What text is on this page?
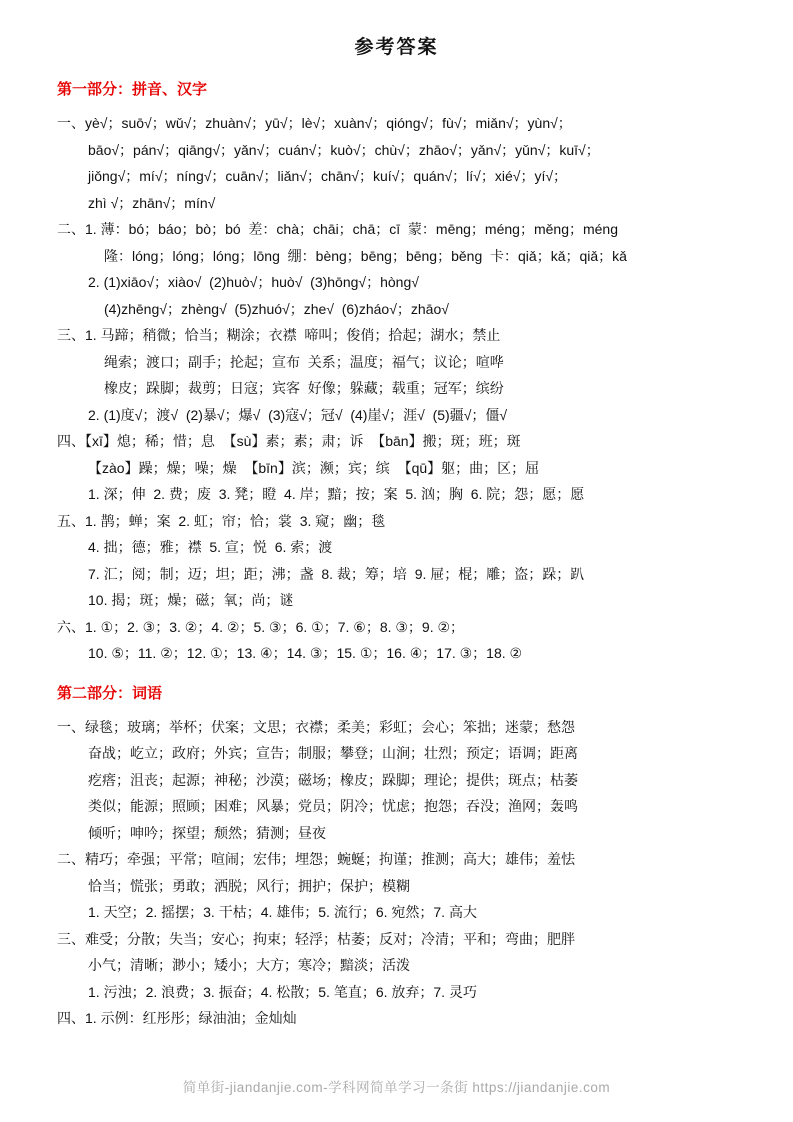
参考答案
第一部分：拼音、汉字

一、yè√；suō√；wǔ√；zhuàn√；yū√；lè√；xuàn√；qióng√；fù√；miǎn√；yùn√；

bāo√；pán√；qiāng√；yǎn√；cuán√；kuò√；chù√；zhāo√；yǎn√；yǔn√；kuī√；

jiǒng√；mí√；níng√；cuān√；liǎn√；chān√；kuí√；quán√；lí√；xié√；yí√；

zhì √；zhān√；mín√

二、1. 薄：bó；báo；bò；bó  差：chà；chāi；chā；cī  蒙：mēng；méng；měng；méng

隆：lóng；lóng；lóng；lōng  绷：bèng；bēng；bēng；běng  卡：qiǎ；kǎ；qiǎ；kǎ

2. (1)xiāo√；xiào√  (2)huò√；huò√  (3)hōng√；hòng√

(4)zhēng√；zhèng√  (5)zhuó√；zhe√  (6)zháo√；zhāo√

三、1. 马蹄；稍微；恰当；糊涂；衣襟  啼叫；俊俏；拾起；湖水；禁止

绳索；渡口；副手；抡起；宣布  关系；温度；福气；议论；喧哗

橡皮；跺脚；裁剪；日寇；宾客  好像；躲藏；载重；冠军；缤纷

2. (1)度√；渡√  (2)暴√；爆√  (3)寇√；冠√  (4)崖√；涯√  (5)疆√；僵√

四、【xī】熄；稀；惜；息  【sù】素；素；肃；诉  【bān】搬；斑；班；斑

【zào】躁；燥；噪；燥  【bīn】滨；濒；宾；缤  【qū】躯；曲；区；屈

1. 深；伸  2. 费；废  3. 凳；瞪  4. 岸；黯；按；案  5. 汹；胸  6. 院；怨；愿；愿

五、1. 鹊；蝉；案  2. 虹；帘；恰；裳  3. 窥；幽；毯

4. 拙；德；雅；襟  5. 宣；悦  6. 索；渡

7. 汇；阅；制；迈；坦；距；沸；盏  8. 裁；筹；培  9. 屉；棍；雕；盗；跺；趴

10. 揭；斑；燥；磁；氧；尚；谜

六、1. ①；2. ③；3. ②；4. ②；5. ③；6. ①；7. ⑥；8. ③；9. ②；

10. ⑤；11. ②；12. ①；13. ④；14. ③；15. ①；16. ④；17. ③；18. ②

第二部分：词语

一、绿毯；玻璃；举杯；伏案；文思；衣襟；柔美；彩虹；会心；笨拙；迷蒙；愁怨

奋战；屹立；政府；外宾；宣告；制服；攀登；山涧；壮烈；预定；语调；距离

疙瘩；沮丧；起源；神秘；沙漠；磁场；橡皮；跺脚；理论；提供；斑点；枯萎

类似；能源；照顾；困难；风暴；党员；阴冷；忧虑；抱怨；吞没；渔网；轰鸣

倾听；呻吟；探望；颓然；猜测；昼夜

二、精巧；牵强；平常；喧闹；宏伟；埋怨；蜿蜒；拘谨；推测；高大；雄伟；羞怯

恰当；慌张；勇敢；洒脱；风行；拥护；保护；模糊

1. 天空；2. 摇摆；3. 干枯；4. 雄伟；5. 流行；6. 宛然；7. 高大

三、难受；分散；失当；安心；拘束；轻浮；枯萎；反对；冷清；平和；弯曲；肥胖

小气；清晰；渺小；矮小；大方；寒冷；黯淡；活泼

1. 污浊；2. 浪费；3. 振奋；4. 松散；5. 笔直；6. 放弃；7. 灵巧

四、1. 示例：红彤彤；绿油油；金灿灿

简单街-jiandanjie.com-学科网简单学习一条街 https://jiandanjie.com
